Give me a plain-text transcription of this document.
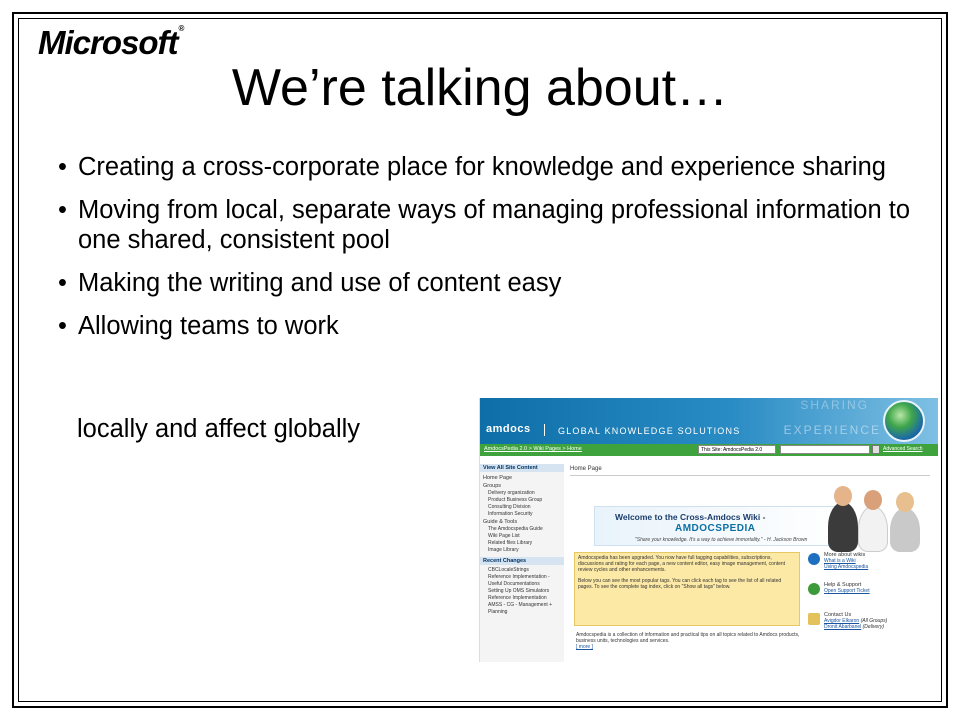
Microsoft®
We’re talking about…
• Creating a cross-corporate place for knowledge and experience sharing
• Moving from local, separate ways of managing professional information to one shared, consistent pool
• Making the writing and use of content easy
• Allowing teams to work
locally and affect globally
SHARING
EXPERIENCE
amdocs	GLOBAL KNOWLEDGE SOLUTIONS
AmdocsPedia 2.0 > Wiki Pages > Home	This Site: AmdocsPedia 2.0	Advanced Search
View All Site Content
Home Page
Groups
Delivery organization
Product Business Group
Consulting Division
Information Security
Guide & Tools
The Amdocspedia Guide
Wiki Page List
Related files Library
Image Library
Recent Changes
CBCLocaleStrings
Reference Implementation - Useful Documentations
Setting Up OMS Simulators
Reference Implementation
AMSS - CG - Management + Planning
Home Page
Welcome to the Cross-Amdocs Wiki -
AMDOCSPEDIA
"Share your knowledge. It's a way to achieve immortality." - H. Jackson Brown

Amdocspedia has been upgraded. You now have full tagging capabilities, subscriptions, discussions and rating for each page, a new content editor, easy image management, content review cycles and other enhancements.

Below you can see the most popular tags. You can click each tag to see the list of all related pages. To see the complete tag index, click on "Show all tags" below.

Amdocspedia is a collection of information and practical tips on all topics related to Amdocs products, business units, technologies and services.
[ more ]
More about wikis
What is a Wiki
Using Amdocspedia
Help & Support
Open Support Ticket
Contact Us
Avigdor Elkaron (All Groups)
Dronit Abarbanel (Delivery)
